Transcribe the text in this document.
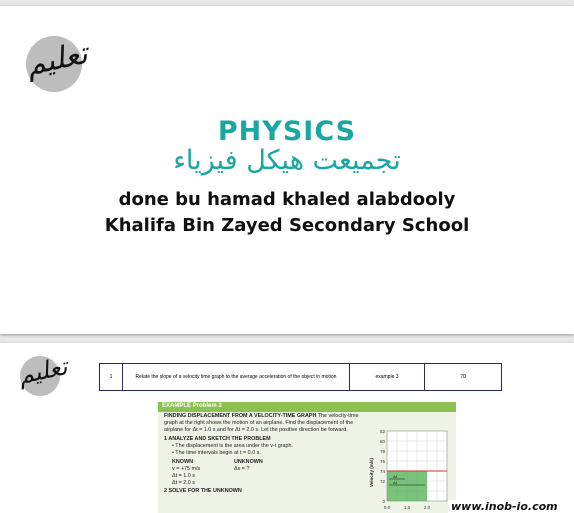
تعليم
PHYSICS
تجميعت هيكل فيزياء
done bu hamad khaled alabdooly
Khalifa Bin Zayed Secondary School
تعليم	1	Relate the slope of a velocity time graph to the average acceleration of the object in motion	example 3	70
EXAMPLE Problem 3
FINDING DISPLACEMENT FROM A VELOCITY-TIME GRAPH The velocity-time
graph at the right shows the motion of an airplane. Find the displacement of the
airplane for Δt = 1.0 s and for Δt = 2.0 s. Let the positive direction be forward.
1 ANALYZE AND SKETCH THE PROBLEM
• The displacement is the area under the v-t graph.
• The time intervals begin at t = 0.0 s.
KNOWN
v = +75 m/s
Δt = 1.0 s
Δt = 2.0 s
UNKNOWN
Δx = ?
2 SOLVE FOR THE UNKNOWN
Δt
Δt
82
80
78
76
74
72
0
0.0	1.0	2.0
Velocity (m/s)
www.inob-io.com
